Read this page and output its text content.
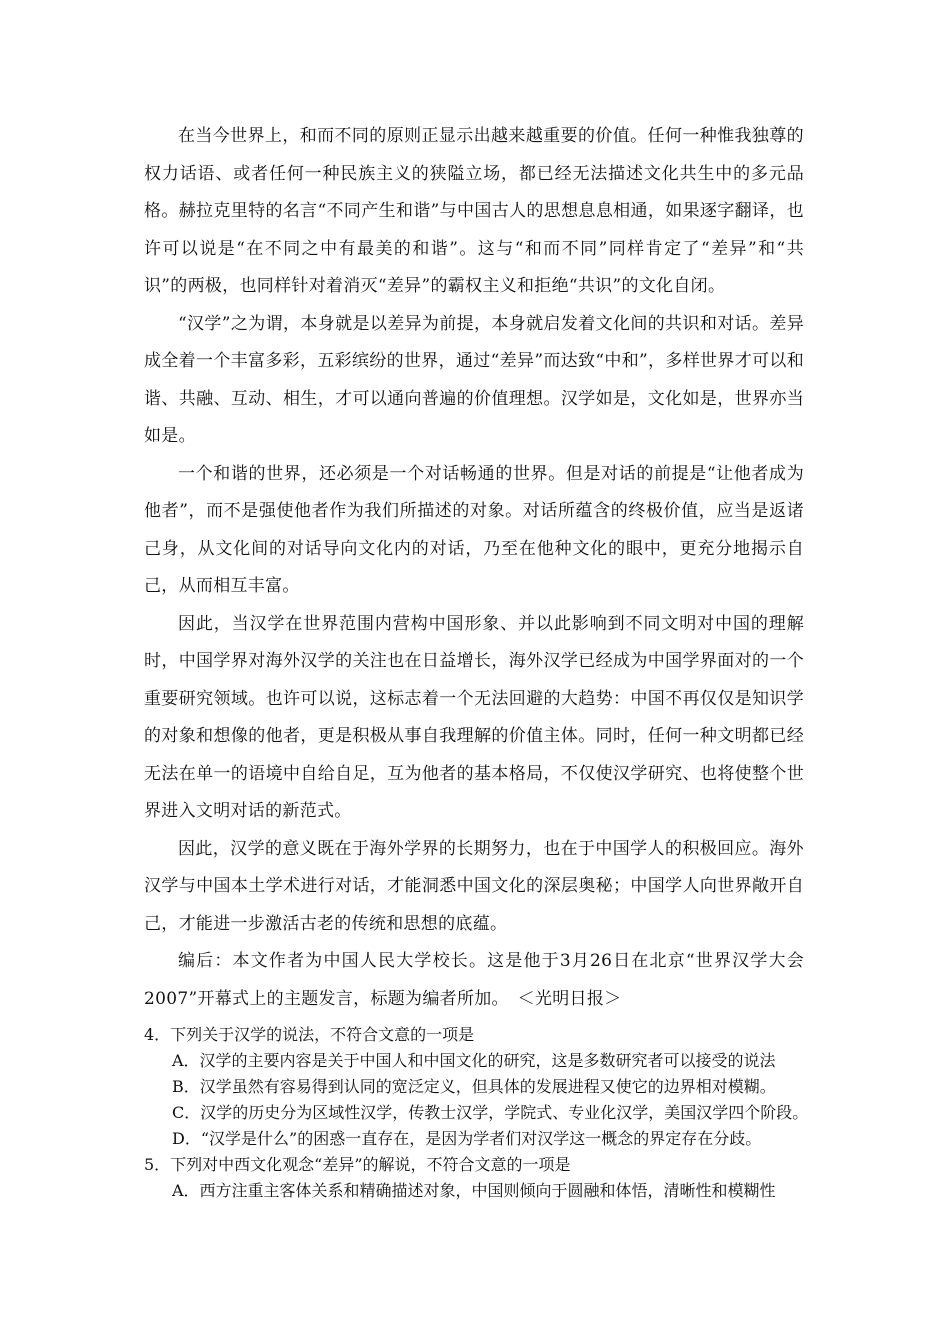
在当今世界上，和而不同的原则正显示出越来越重要的价值。任何一种惟我独尊的权力话语、或者任何一种民族主义的狭隘立场，都已经无法描述文化共生中的多元品格。赫拉克里特的名言“不同产生和谐”与中国古人的思想息息相通，如果逐字翻译，也许可以说是“在不同之中有最美的和谐”。这与“和而不同”同样肯定了“差异”和“共识”的两极，也同样针对着消灭“差异”的霸权主义和拒绝“共识”的文化自闭。

“汉学”之为谓，本身就是以差异为前提，本身就启发着文化间的共识和对话。差异成全着一个丰富多彩，五彩缤纷的世界，通过“差异”而达致“中和”，多样世界才可以和谐、共融、互动、相生，才可以通向普遍的价值理想。汉学如是，文化如是，世界亦当如是。

一个和谐的世界，还必须是一个对话畅通的世界。但是对话的前提是“让他者成为他者”，而不是强使他者作为我们所描述的对象。对话所蕴含的终极价值，应当是返诸己身，从文化间的对话导向文化内的对话，乃至在他种文化的眼中，更充分地揭示自己，从而相互丰富。

因此，当汉学在世界范围内营构中国形象、并以此影响到不同文明对中国的理解时，中国学界对海外汉学的关注也在日益增长，海外汉学已经成为中国学界面对的一个重要研究领域。也许可以说，这标志着一个无法回避的大趋势：中国不再仅仅是知识学的对象和想像的他者，更是积极从事自我理解的价值主体。同时，任何一种文明都已经无法在单一的语境中自给自足，互为他者的基本格局，不仅使汉学研究、也将使整个世界进入文明对话的新范式。

因此，汉学的意义既在于海外学界的长期努力，也在于中国学人的积极回应。海外汉学与中国本土学术进行对话，才能洞悉中国文化的深层奥秘；中国学人向世界敞开自己，才能进一步激活古老的传统和思想的底蕴。

编后：本文作者为中国人民大学校长。这是他于3月26日在北京“世界汉学大会2007”开幕式上的主题发言，标题为编者所加。　＜光明日报＞

4．下列关于汉学的说法，不符合文意的一项是

A．汉学的主要内容是关于中国人和中国文化的研究，这是多数研究者可以接受的说法

B．汉学虽然有容易得到认同的宽泛定义，但具体的发展进程又使它的边界相对模糊。

C．汉学的历史分为区域性汉学，传教士汉学，学院式、专业化汉学，美国汉学四个阶段。

D．“汉学是什么”的困惑一直存在，是因为学者们对汉学这一概念的界定存在分歧。

5．下列对中西文化观念“差异”的解说，不符合文意的一项是

A．西方注重主客体关系和精确描述对象，中国则倾向于圆融和体悟，清晰性和模糊性
